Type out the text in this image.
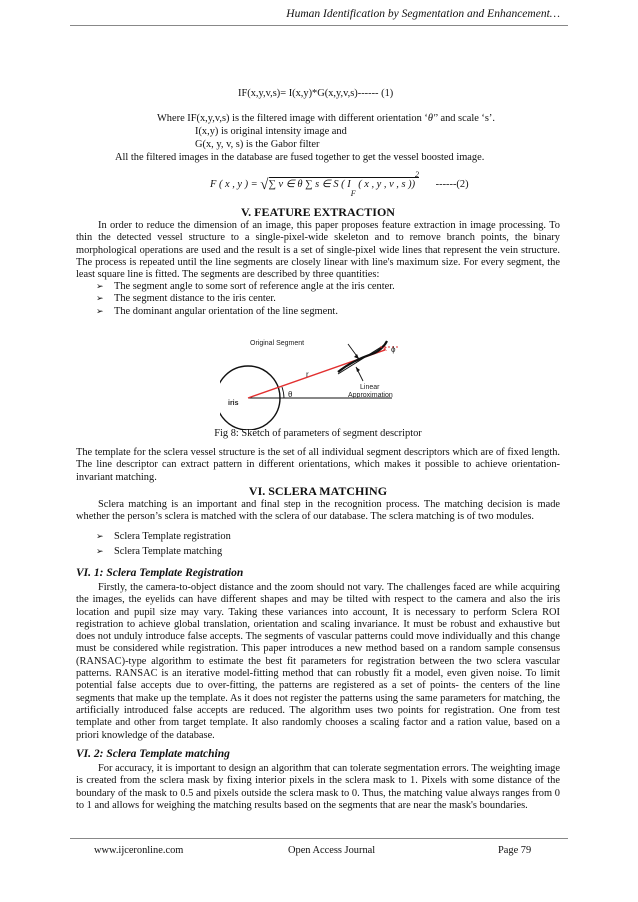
Human Identification by Segmentation and Enhancement…
IF(x,y,v,s)= I(x,y)*G(x,y,v,s)------ (1)
Where IF(x,y,v,s) is the filtered image with different orientation ‘θ'’ and scale ‘s’.
I(x,y) is original intensity image and
G(x, y, v, s) is the Gabor filter
All the filtered images in the database are fused together to get the vessel boosted image.
F ( x , y ) = √∑ v ∈ θ ∑ s ∈ S ( $I_F$ ( x , y , v , s ))$^2$ ------(2)
V. FEATURE EXTRACTION
In order to reduce the dimension of an image, this paper proposes feature extraction in image processing. To thin the detected vessel structure to a single-pixel-wide skeleton and to remove branch points, the binary morphological operations are used and the result is a set of single-pixel wide lines that represent the vein structure. The process is repeated until the line segments are closely linear with line's maximum size. For every segment, the least square line is fitted. The segments are described by three quantities:
➢ The segment angle to some sort of reference angle at the iris center.
➢ The segment distance to the iris center.
➢ The dominant angular orientation of the line segment.
×
Original Segment
r
θ
ϕ
Linear
Approximation
iris
Fig 8: Sketch of parameters of segment descriptor
The template for the sclera vessel structure is the set of all individual segment descriptors which are of fixed length. The line descriptor can extract pattern in different orientations, which makes it possible to achieve orientation-invariant matching.
VI. SCLERA MATCHING
Sclera matching is an important and final step in the recognition process. The matching decision is made whether the person’s sclera is matched with the sclera of our database. The sclera matching is of two modules.
➢ Sclera Template registration
➢ Sclera Template matching
VI. 1: Sclera Template Registration
Firstly, the camera-to-object distance and the zoom should not vary. The challenges faced are while acquiring the images, the eyelids can have different shapes and may be tilted with respect to the camera and also the iris location and pupil size may vary. Taking these variances into account, It is necessary to perform Sclera ROI registration to achieve global translation, orientation and scaling invariance. It must be robust and exhaustive but does not unduly introduce false accepts. The segments of vascular patterns could move individually and this change must be considered while registration. This paper introduces a new method based on a random sample consensus (RANSAC)-type algorithm to estimate the best fit parameters for registration between the two sclera vascular patterns. RANSAC is an iterative model-fitting method that can robustly fit a model, even given noise. To limit potential false accepts due to over-fitting, the patterns are registered as a set of points- the centers of the line segments that make up the template. As it does not register the patterns using the same parameters for matching, the artificially introduced false accepts are reduced. The algorithm uses two points for registration. One from test template and other from target template. It also randomly chooses a scaling factor and a ration value, based on a priori knowledge of the database.
VI. 2: Sclera Template matching
For accuracy, it is important to design an algorithm that can tolerate segmentation errors. The weighting image is created from the sclera mask by fixing interior pixels in the sclera mask to 1. Pixels with some distance of the boundary of the mask to 0.5 and pixels outside the sclera mask to 0. Thus, the matching value always ranges from 0 to 1 and allows for weighing the matching results based on the segments that are near the mask's boundaries.
www.ijceronline.com	Open Access Journal	Page 79
